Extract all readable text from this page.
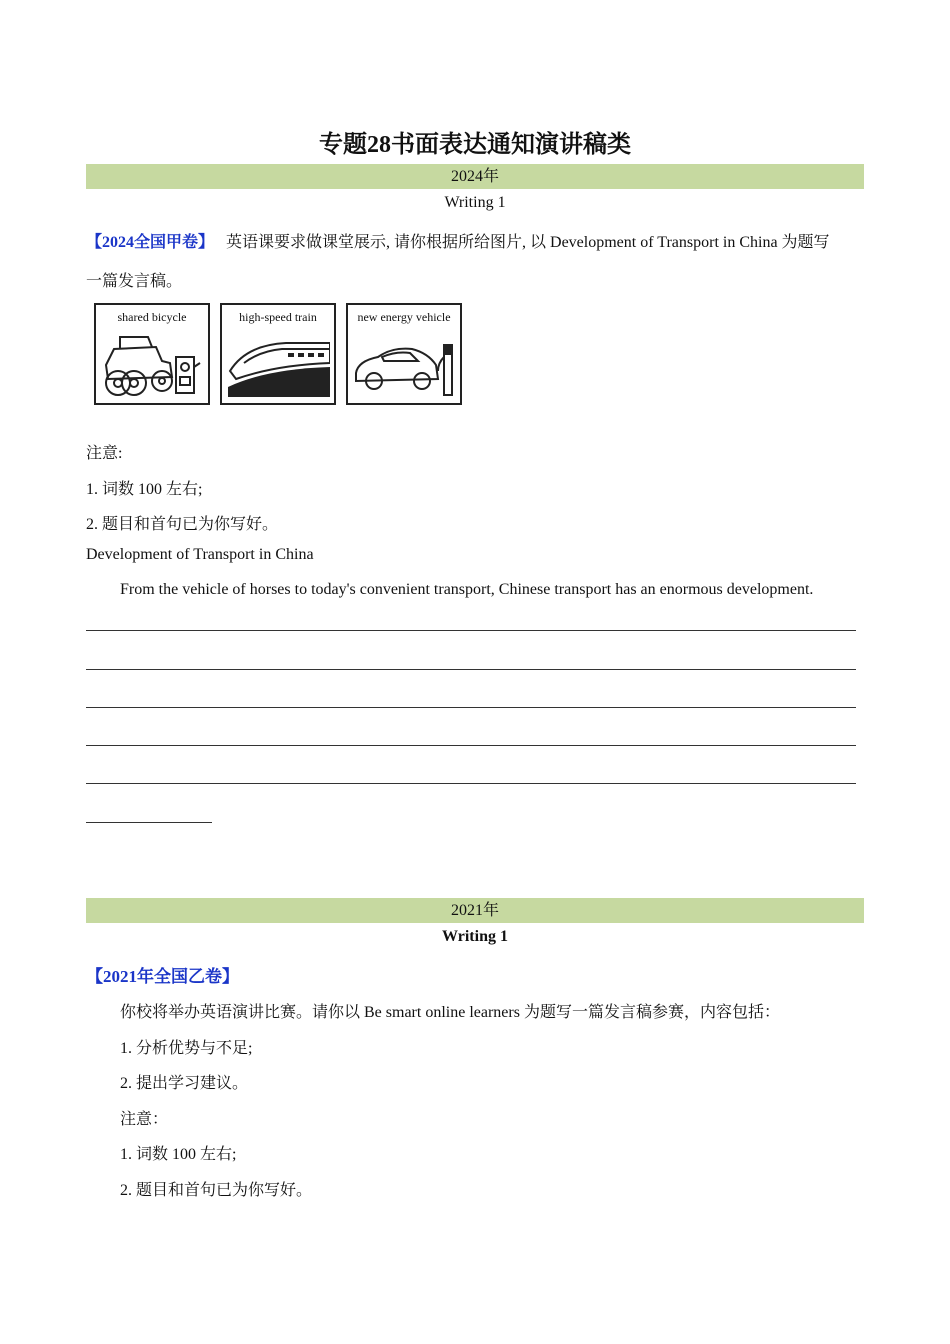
专题28书面表达通知演讲稿类
2024年
Writing 1
【2024全国甲卷】 英语课要求做课堂展示, 请你根据所给图片, 以 Development of Transport in China 为题写
一篇发言稿。
shared bicycle	high-speed train	new energy vehicle
注意:
1. 词数 100 左右;
2. 题目和首句已为你写好。
Development of Transport in China
From the vehicle of horses to today's convenient transport, Chinese transport has an enormous development.
2021年
Writing 1
【2021年全国乙卷】
你校将举办英语演讲比赛。请你以 Be smart online learners 为题写一篇发言稿参赛，内容包括：
1. 分析优势与不足;
2. 提出学习建议。
注意：
1. 词数 100 左右;
2. 题目和首句已为你写好。
